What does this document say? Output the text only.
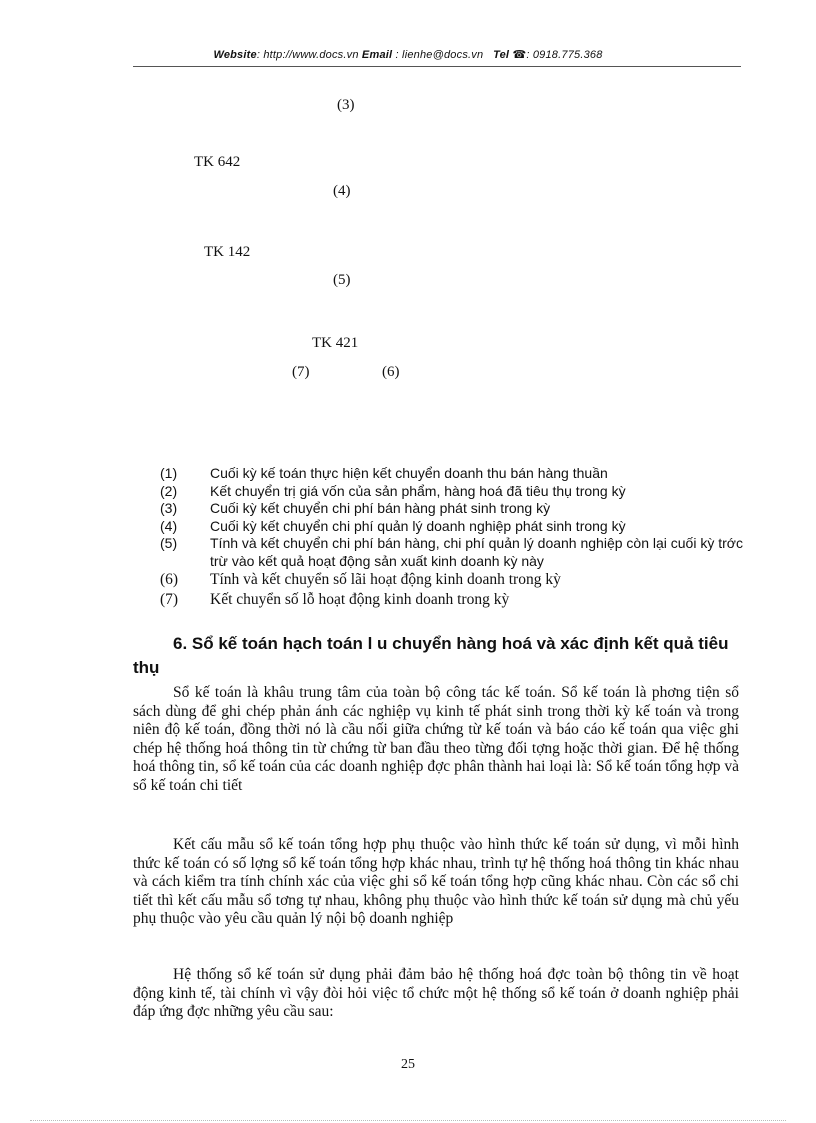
Website: http://www.docs.vn Email : lienhe@docs.vn Tel ☎: 0918.775.368
(3)
TK 642
(4)
TK 142
(5)
TK 421
(7)	(6)
(1)	Cuối kỳ kế toán thực hiện kết chuyển doanh thu bán hàng thuần
(2)	Kết chuyển trị giá vốn của sản phẩm, hàng hoá đã tiêu thụ trong kỳ
(3)	Cuối kỳ kết chuyển chi phí bán hàng phát sinh trong kỳ
(4)	Cuối kỳ kết chuyển chi phí quản lý doanh nghiệp phát sinh trong kỳ
(5)	Tính và kết chuyển chi phí bán hàng, chi phí quản lý doanh nghiệp còn lại cuối kỳ trớc trừ vào kết quả hoạt động sản xuất kinh doanh kỳ này
(6)	Tính và kết chuyển số lãi hoạt động kinh doanh trong kỳ
(7)	Kết chuyển số lỗ hoạt động kinh doanh trong kỳ
6. Sổ kế toán hạch toán l u chuyển hàng hoá và xác định kết quả tiêu thụ

Sổ kế toán là khâu trung tâm của toàn bộ công tác kế toán. Sổ kế toán là phơng tiện sổ sách dùng để ghi chép phản ánh các nghiệp vụ kinh tế phát sinh trong thời kỳ kế toán và trong niên độ kế toán, đồng thời nó là cầu nối giữa chứng từ kế toán và báo cáo kế toán qua việc ghi chép hệ thống hoá thông tin từ chứng từ ban đầu theo từng đối tợng hoặc thời gian. Để hệ thống hoá thông tin, sổ kế toán của các doanh nghiệp đợc phân thành hai loại là: Sổ kế toán tổng hợp và sổ kế toán chi tiết

Kết cấu mẫu sổ kế toán tổng hợp phụ thuộc vào hình thức kế toán sử dụng, vì mỗi hình thức kế toán có số lợng sổ kế toán tổng hợp khác nhau, trình tự hệ thống hoá thông tin khác nhau và cách kiểm tra tính chính xác của việc ghi sổ kế toán tổng hợp cũng khác nhau. Còn các sổ chi tiết thì kết cấu mẫu sổ tơng tự nhau, không phụ thuộc vào hình thức kế toán sử dụng mà chủ yếu phụ thuộc vào yêu cầu quản lý nội bộ doanh nghiệp

Hệ thống sổ kế toán sử dụng phải đảm bảo hệ thống hoá đợc toàn bộ thông tin về hoạt động kinh tế, tài chính vì vậy đòi hỏi việc tổ chức một hệ thống sổ kế toán ở doanh nghiệp phải đáp ứng đợc những yêu cầu sau:

25
